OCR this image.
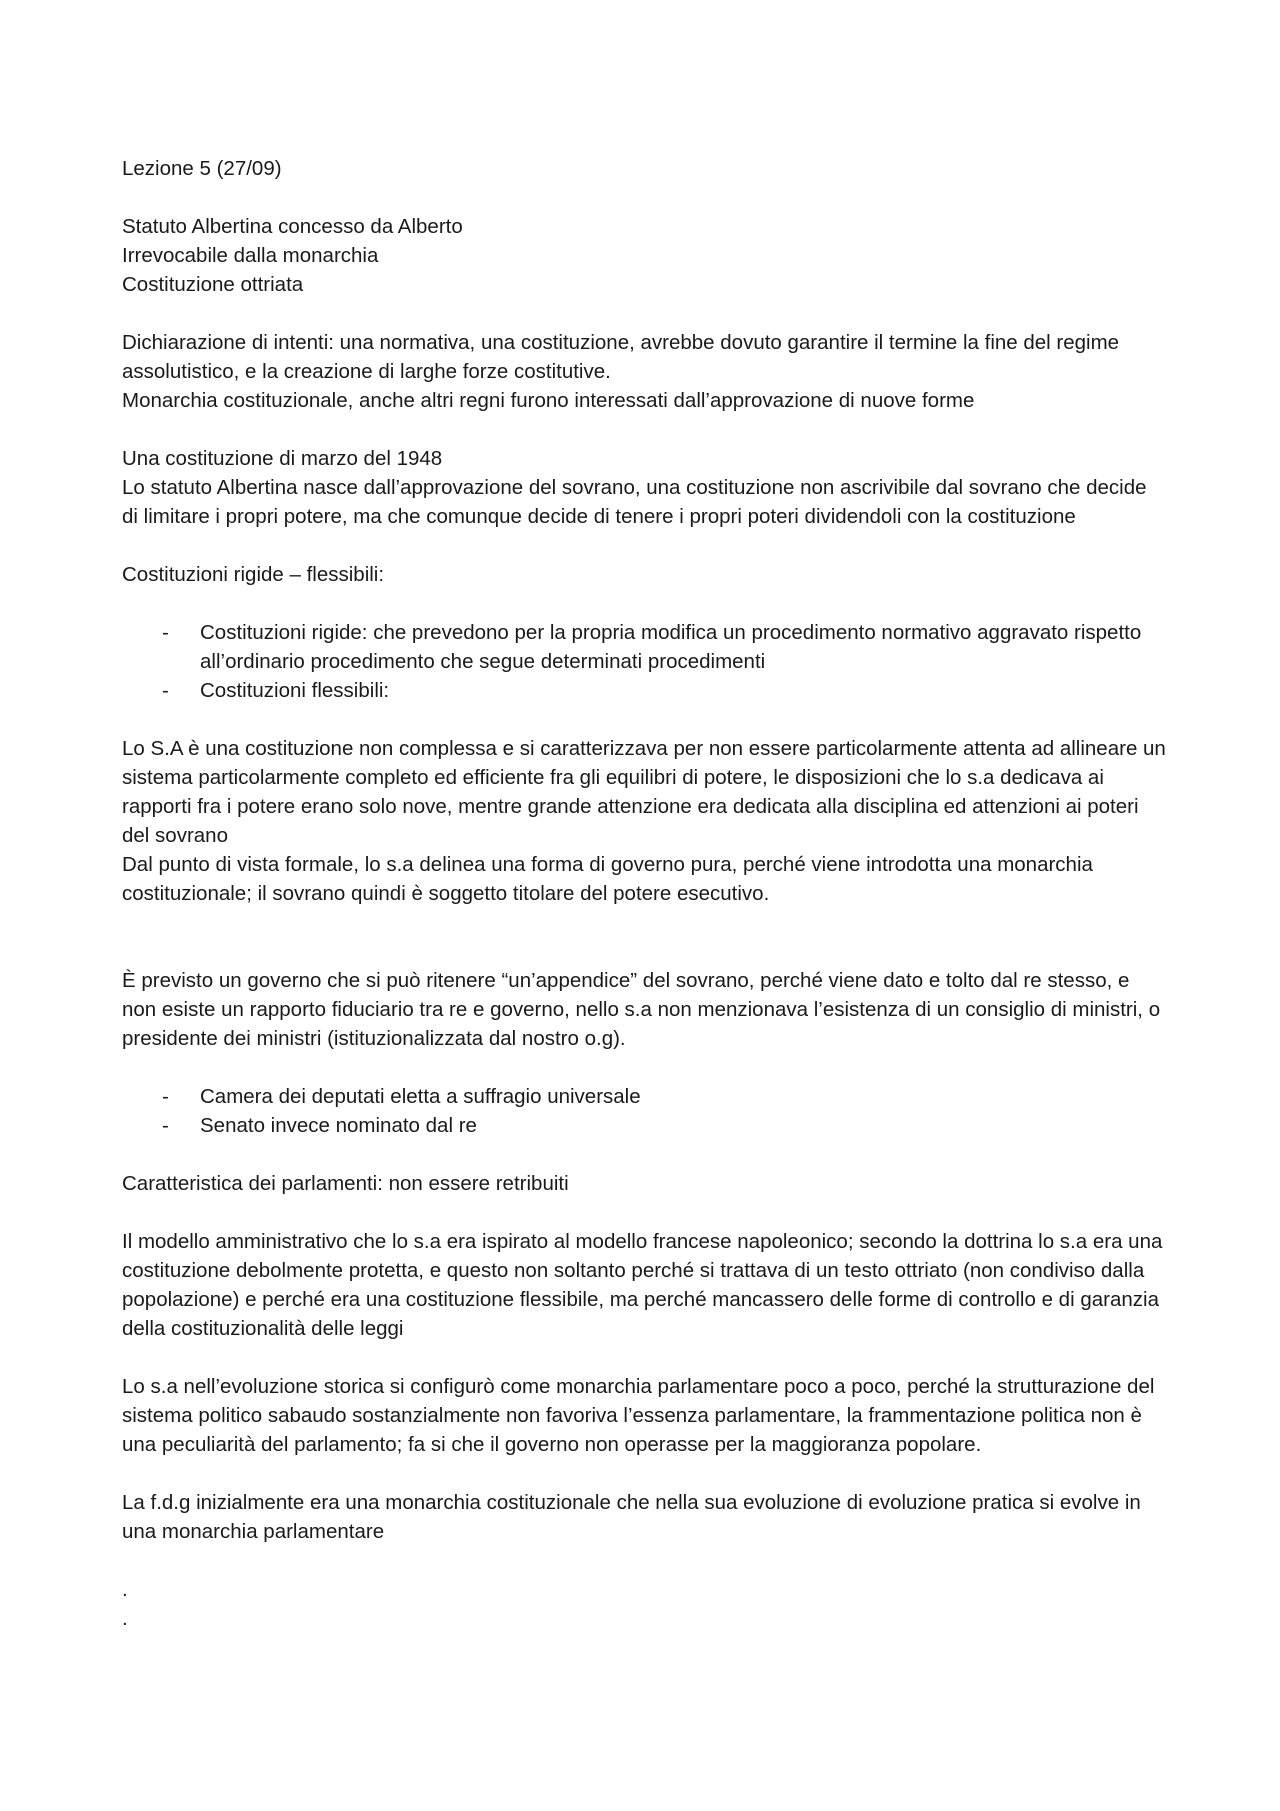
Lezione 5 (27/09)

Statuto Albertina concesso da Alberto

Irrevocabile dalla monarchia

Costituzione ottriata

Dichiarazione di intenti: una normativa, una costituzione, avrebbe dovuto garantire il termine la fine del regime assolutistico, e la creazione di larghe forze costitutive.

Monarchia costituzionale, anche altri regni furono interessati dall’approvazione di nuove forme

Una costituzione di marzo del 1948

Lo statuto Albertina nasce dall’approvazione del sovrano, una costituzione non ascrivibile dal sovrano che decide di limitare i propri potere, ma che comunque decide di tenere i propri poteri dividendoli con la costituzione

Costituzioni rigide – flessibili:

- Costituzioni rigide: che prevedono per la propria modifica un procedimento normativo aggravato rispetto all’ordinario procedimento che segue determinati procedimenti
- Costituzioni flessibili:

Lo S.A è una costituzione non complessa e si caratterizzava per non essere particolarmente attenta ad allineare un sistema particolarmente completo ed efficiente fra gli equilibri di potere, le disposizioni che lo s.a dedicava ai rapporti fra i potere erano solo nove, mentre grande attenzione era dedicata alla disciplina ed attenzioni ai poteri del sovrano

Dal punto di vista formale, lo s.a delinea una forma di governo pura, perché viene introdotta una monarchia costituzionale; il sovrano quindi è soggetto titolare del potere esecutivo.

È previsto un governo che si può ritenere “un’appendice” del sovrano, perché viene dato e tolto dal re stesso, e non esiste un rapporto fiduciario tra re e governo, nello s.a non menzionava l’esistenza di un consiglio di ministri, o presidente dei ministri (istituzionalizzata dal nostro o.g).

- Camera dei deputati eletta a suffragio universale
- Senato invece nominato dal re

Caratteristica dei parlamenti: non essere retribuiti

Il modello amministrativo che lo s.a era ispirato al modello francese napoleonico; secondo la dottrina lo s.a era una costituzione debolmente protetta, e questo non soltanto perché si trattava di un testo ottriato (non condiviso dalla popolazione) e perché era una costituzione flessibile, ma perché mancassero delle forme di controllo e di garanzia della costituzionalità delle leggi

Lo s.a nell’evoluzione storica si configurò come monarchia parlamentare poco a poco, perché la strutturazione del sistema politico sabaudo sostanzialmente non favoriva l’essenza parlamentare, la frammentazione politica non è una peculiarità del parlamento; fa si che il governo non operasse per la maggioranza popolare.

La f.d.g inizialmente era una monarchia costituzionale che nella sua evoluzione di evoluzione pratica si evolve in una monarchia parlamentare

.

.
